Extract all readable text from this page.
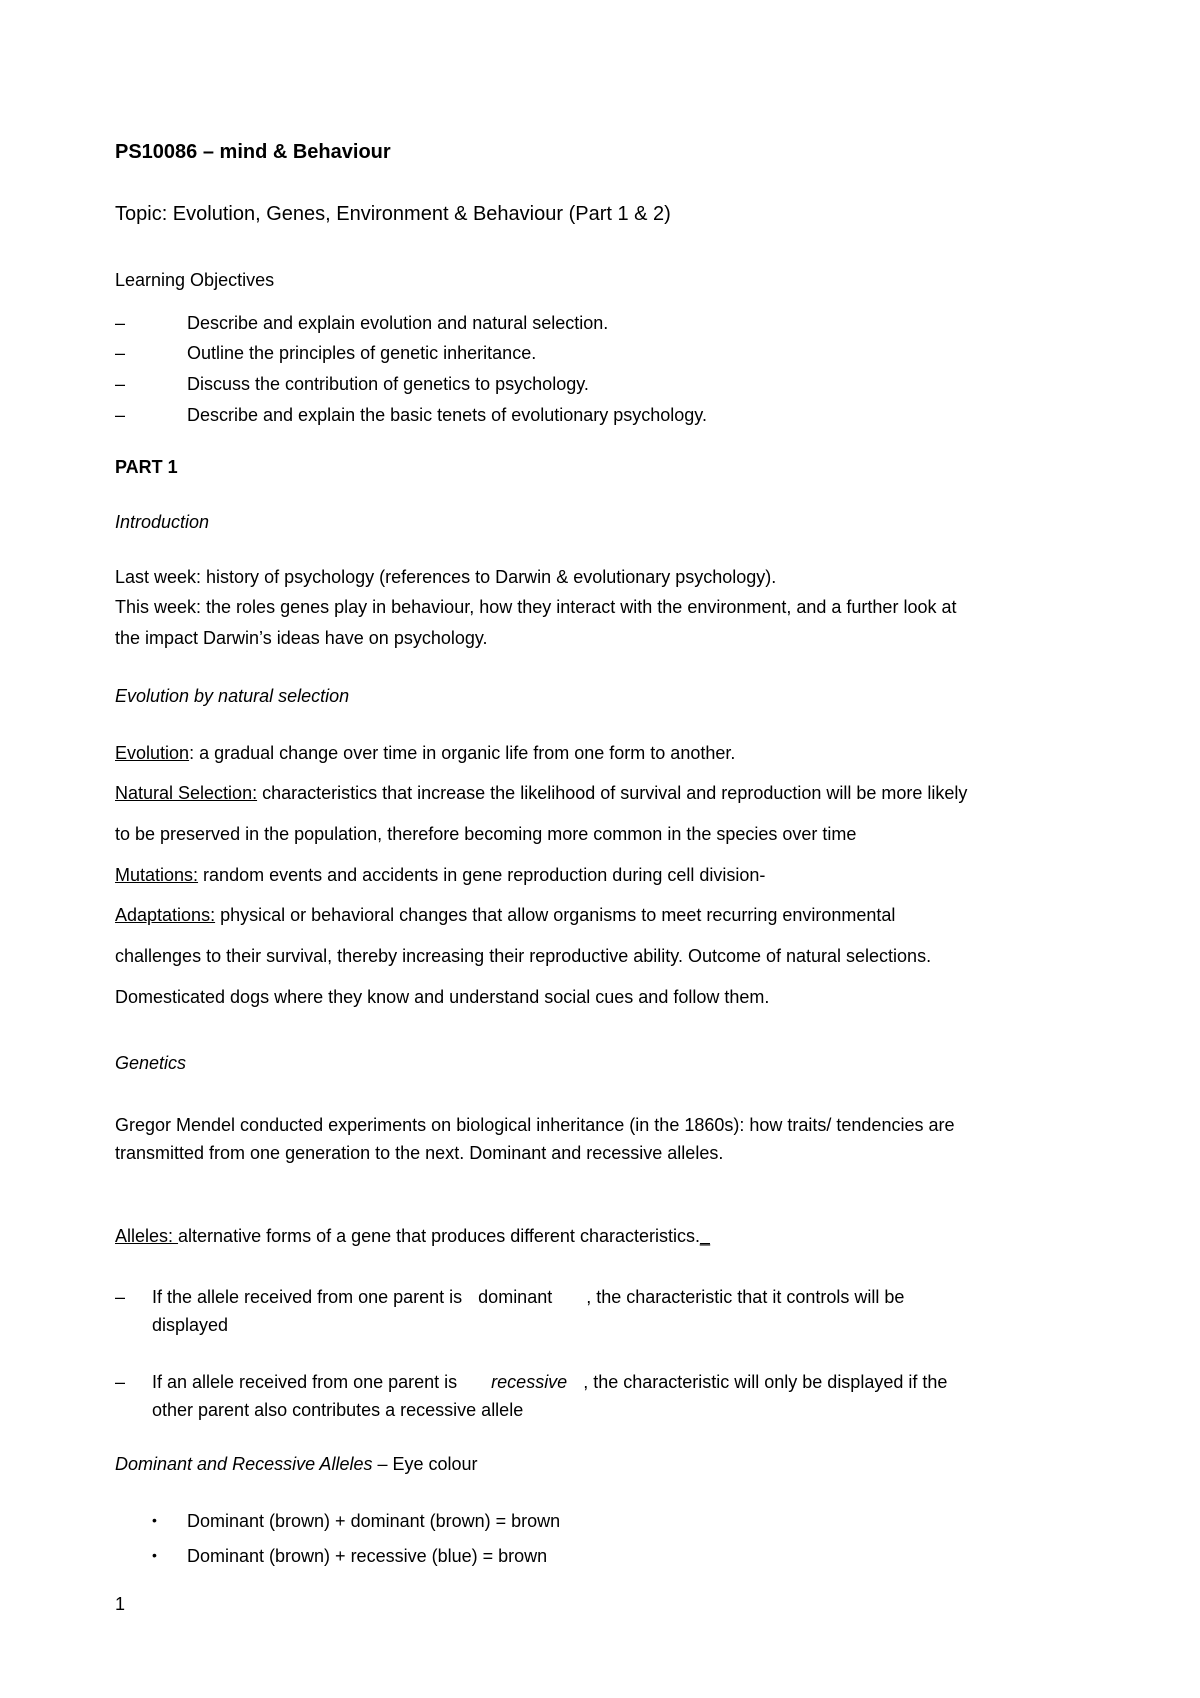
PS10086 – mind & Behaviour
Topic: Evolution, Genes, Environment & Behaviour (Part 1 & 2)
Learning Objectives
–	Describe and explain evolution and natural selection.
–	Outline the principles of genetic inheritance.
–	Discuss the contribution of genetics to psychology.
–	Describe and explain the basic tenets of evolutionary psychology.
PART 1
Introduction
Last week: history of psychology (references to Darwin & evolutionary psychology).
This week: the roles genes play in behaviour, how they interact with the environment, and a further look at
the impact Darwin’s ideas have on psychology.
Evolution by natural selection
Evolution: a gradual change over time in organic life from one form to another.
Natural Selection: characteristics that increase the likelihood of survival and reproduction will be more likely
to be preserved in the population, therefore becoming more common in the species over time
Mutations: random events and accidents in gene reproduction during cell division-
Adaptations: physical or behavioral changes that allow organisms to meet recurring environmental
challenges to their survival, thereby increasing their reproductive ability. Outcome of natural selections.
Domesticated dogs where they know and understand social cues and follow them.
Genetics
Gregor Mendel conducted experiments on biological inheritance (in the 1860s): how traits/ tendencies are
transmitted from one generation to the next. Dominant and recessive alleles.
Alleles: alternative forms of a gene that produces different characteristics._
– If the allele received from one parent is dominant , the characteristic that it controls will be
displayed
– If an allele received from one parent is recessive , the characteristic will only be displayed if the
other parent also contributes a recessive allele
Dominant and Recessive Alleles – Eye colour
• Dominant (brown) + dominant (brown) = brown
• Dominant (brown) + recessive (blue) = brown
1
